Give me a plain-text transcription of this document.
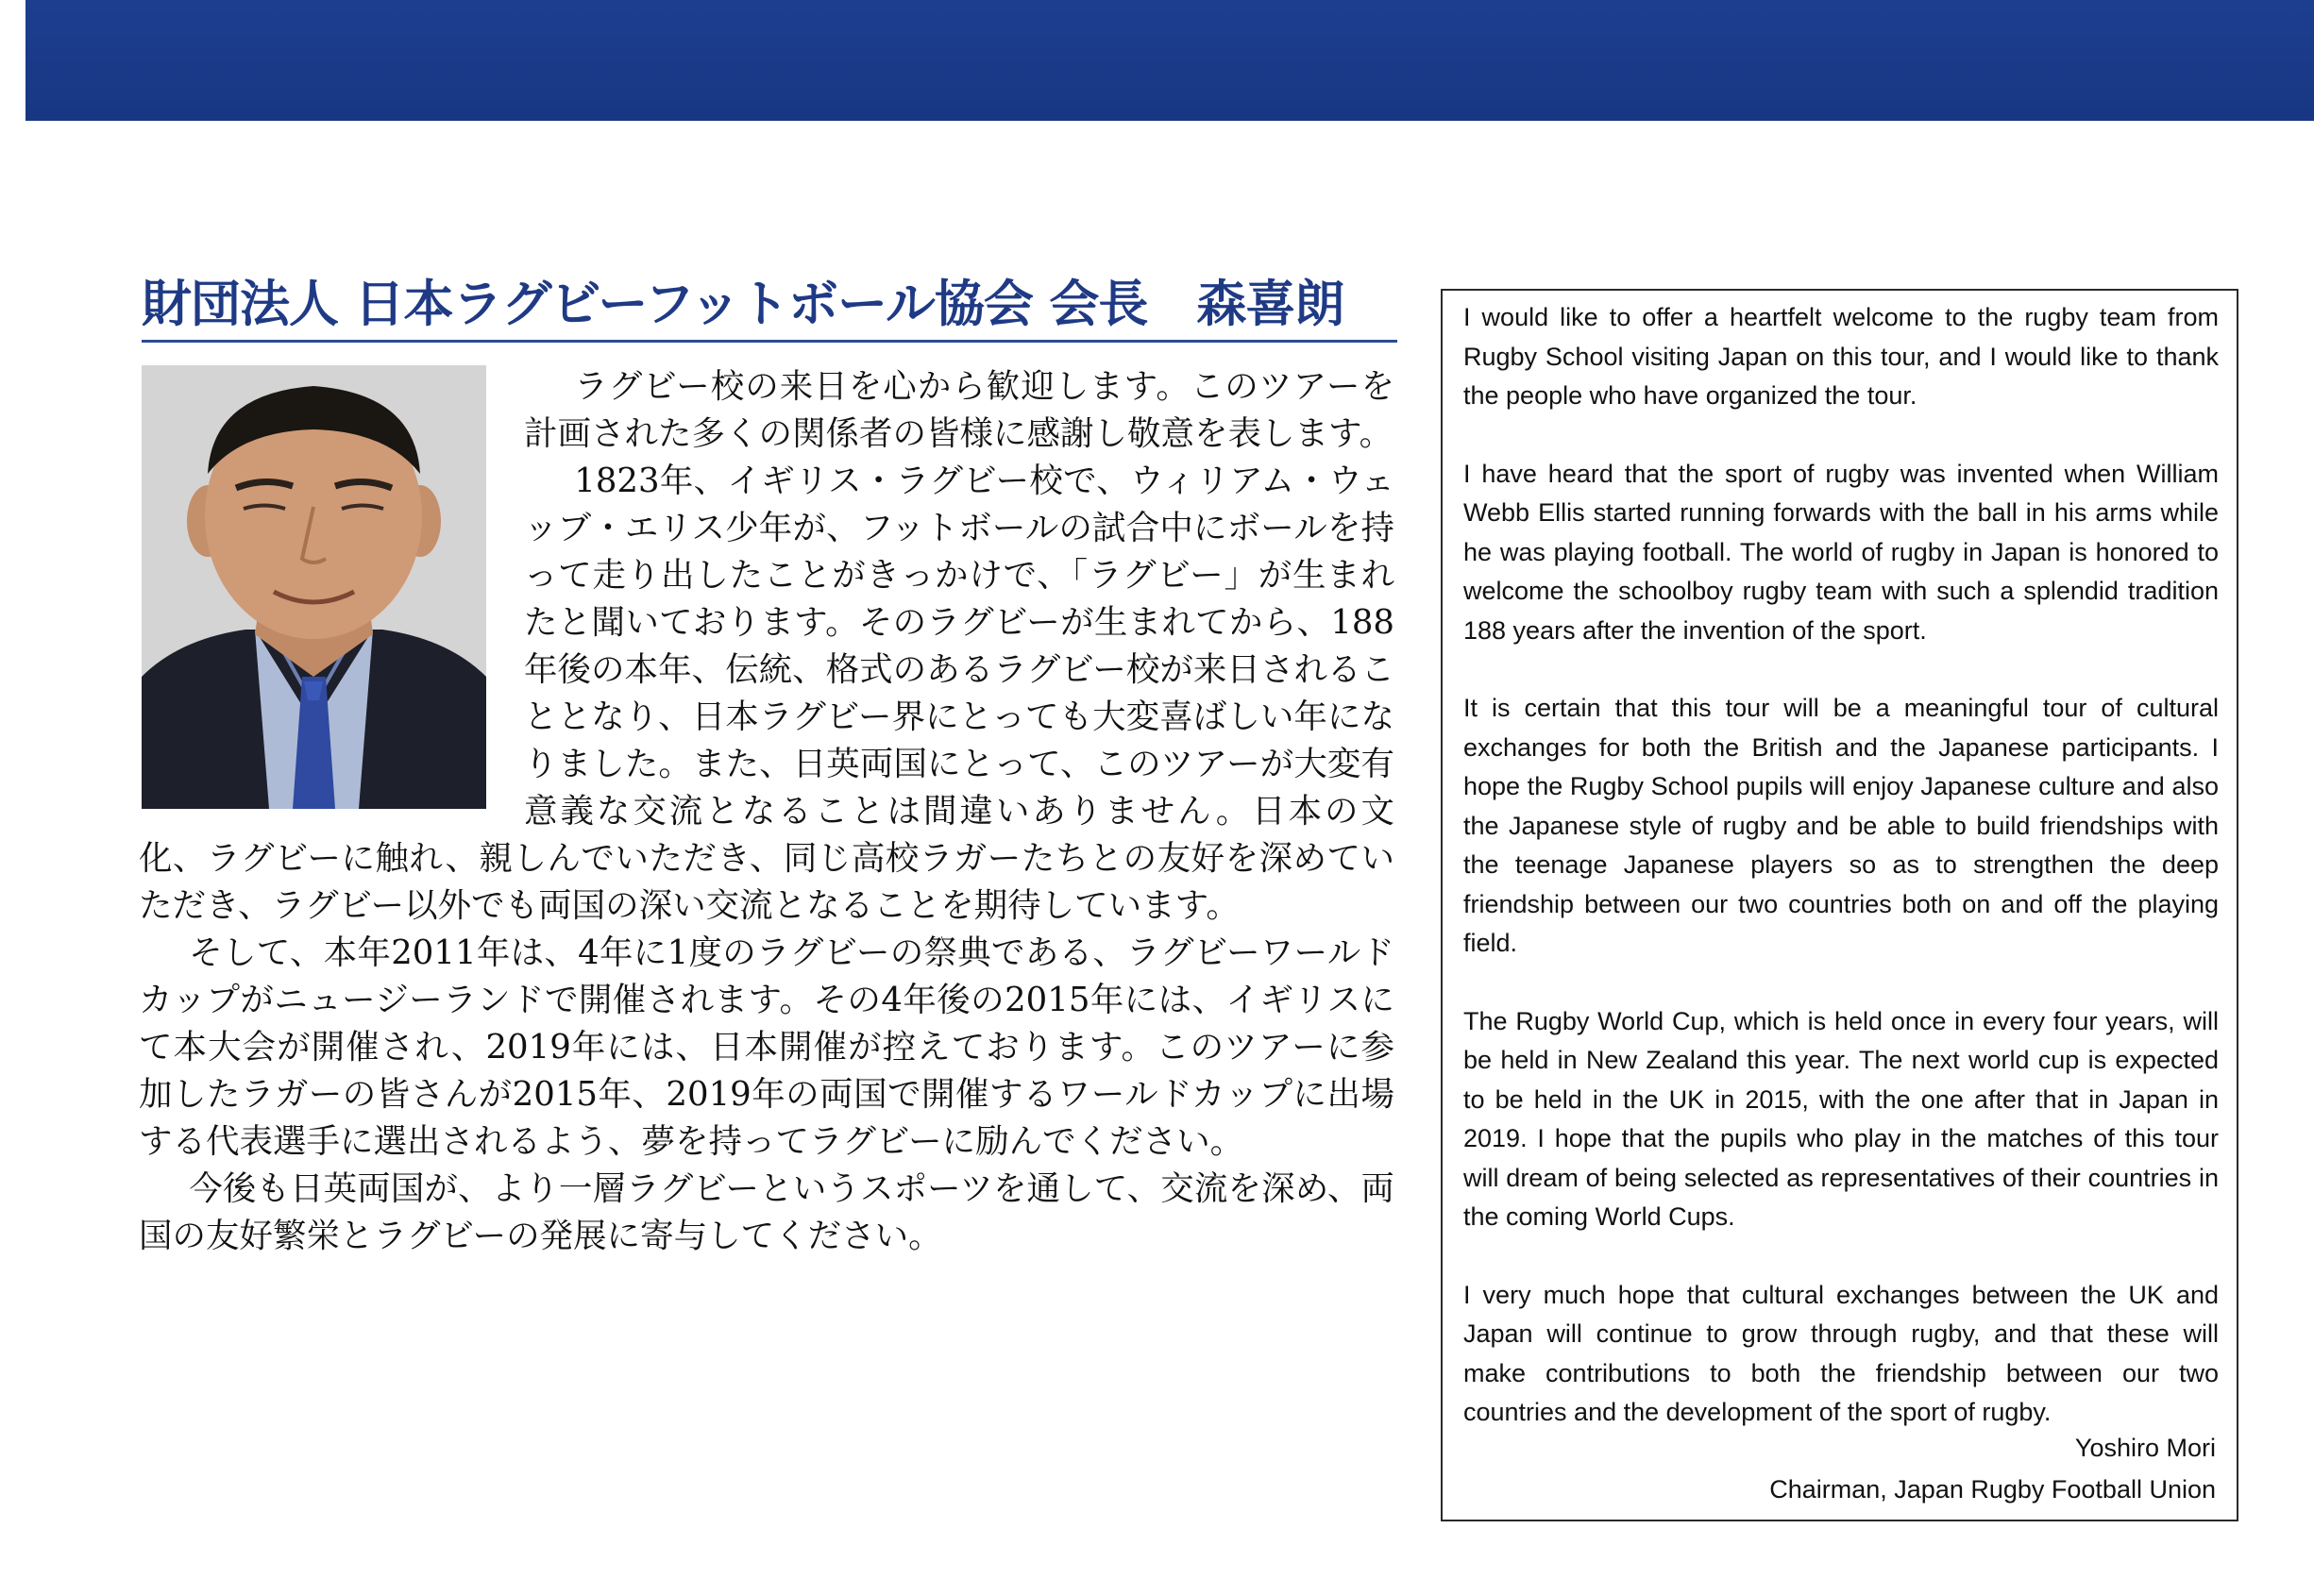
財団法人 日本ラグビーフットボール協会 会長　森喜朗

ラグビー校の来日を心から歓迎します。このツアーを計画された多くの関係者の皆様に感謝し敬意を表します。

1823年、イギリス・ラグビー校で、ウィリアム・ウェッブ・エリス少年が、フットボールの試合中にボールを持って走り出したことがきっかけで、「ラグビー」が生まれたと聞いております。そのラグビーが生まれてから、188年後の本年、伝統、格式のあるラグビー校が来日されることとなり、日本ラグビー界にとっても大変喜ばしい年になりました。また、日英両国にとって、このツアーが大変有意義な交流となることは間違いありません。日本の文化、ラグビーに触れ、親しんでいただき、同じ高校ラガーたちとの友好を深めていただき、ラグビー以外でも両国の深い交流となることを期待しています。

そして、本年2011年は、4年に1度のラグビーの祭典である、ラグビーワールドカップがニュージーランドで開催されます。その4年後の2015年には、イギリスにて本大会が開催され、2019年には、日本開催が控えております。このツアーに参加したラガーの皆さんが2015年、2019年の両国で開催するワールドカップに出場する代表選手に選出されるよう、夢を持ってラグビーに励んでください。

今後も日英両国が、より一層ラグビーというスポーツを通して、交流を深め、両国の友好繁栄とラグビーの発展に寄与してください。

I would like to offer a heartfelt welcome to the rugby team from Rugby School visiting Japan on this tour, and I would like to thank the people who have organized the tour.

I have heard that the sport of rugby was invented when William Webb Ellis started running forwards with the ball in his arms while he was playing football. The world of rugby in Japan is honored to welcome the schoolboy rugby team with such a splendid tradition 188 years after the invention of the sport.

It is certain that this tour will be a meaningful tour of cultural exchanges for both the British and the Japanese participants. I hope the Rugby School pupils will enjoy Japanese culture and also the Japanese style of rugby and be able to build friendships with the teenage Japanese players so as to strengthen the deep friendship between our two countries both on and off the playing field.

The Rugby World Cup, which is held once in every four years, will be held in New Zealand this year. The next world cup is expected to be held in the UK in 2015, with the one after that in Japan in 2019. I hope that the pupils who play in the matches of this tour will dream of being selected as representatives of their countries in the coming World Cups.

I very much hope that cultural exchanges between the UK and Japan will continue to grow through rugby, and that these will make contributions to both the friendship between our two countries and the development of the sport of rugby.

Yoshiro Mori
Chairman, Japan Rugby Football Union
